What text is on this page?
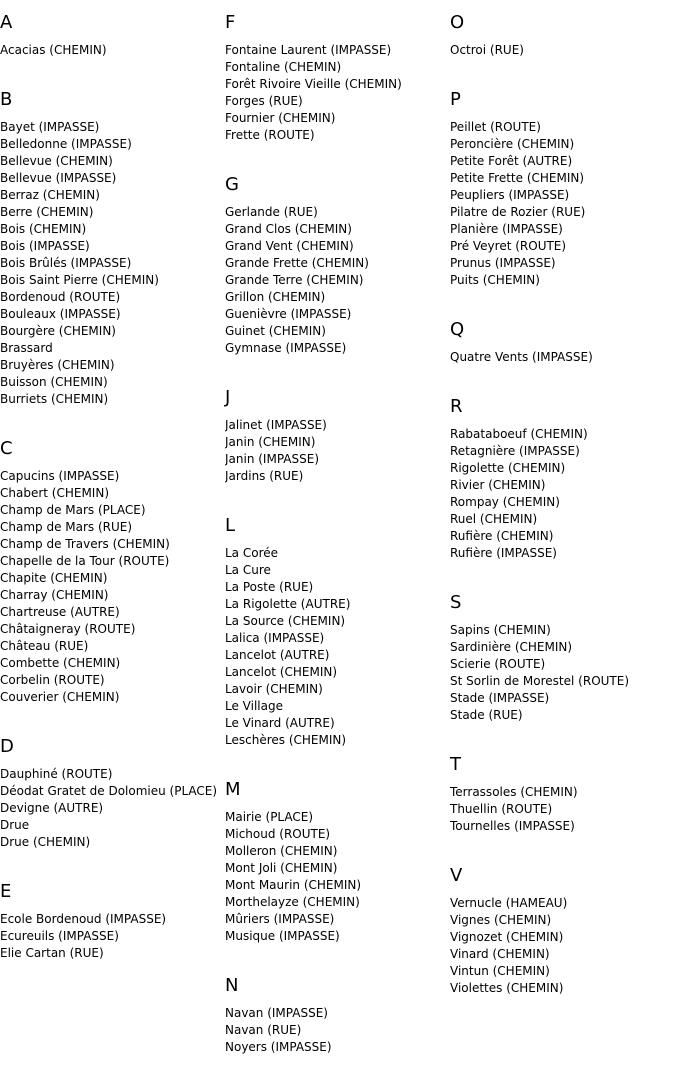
A
Acacias (CHEMIN)
B
Bayet (IMPASSE)
Belledonne (IMPASSE)
Bellevue (CHEMIN)
Bellevue (IMPASSE)
Berraz (CHEMIN)
Berre (CHEMIN)
Bois (CHEMIN)
Bois (IMPASSE)
Bois Brûlés (IMPASSE)
Bois Saint Pierre (CHEMIN)
Bordenoud (ROUTE)
Bouleaux (IMPASSE)
Bourgère (CHEMIN)
Brassard
Bruyères (CHEMIN)
Buisson (CHEMIN)
Burriets (CHEMIN)
C
Capucins (IMPASSE)
Chabert (CHEMIN)
Champ de Mars (PLACE)
Champ de Mars (RUE)
Champ de Travers (CHEMIN)
Chapelle de la Tour (ROUTE)
Chapite (CHEMIN)
Charray (CHEMIN)
Chartreuse (AUTRE)
Châtaigneray (ROUTE)
Château (RUE)
Combette (CHEMIN)
Corbelin (ROUTE)
Couverier (CHEMIN)
D
Dauphiné (ROUTE)
Déodat Gratet de Dolomieu (PLACE)
Devigne (AUTRE)
Drue
Drue (CHEMIN)
E
Ecole Bordenoud (IMPASSE)
Ecureuils (IMPASSE)
Elie Cartan (RUE)
F
Fontaine Laurent (IMPASSE)
Fontaline (CHEMIN)
Forêt Rivoire Vieille (CHEMIN)
Forges (RUE)
Fournier (CHEMIN)
Frette (ROUTE)
G
Gerlande (RUE)
Grand Clos (CHEMIN)
Grand Vent (CHEMIN)
Grande Frette (CHEMIN)
Grande Terre (CHEMIN)
Grillon (CHEMIN)
Guenièvre (IMPASSE)
Guinet (CHEMIN)
Gymnase (IMPASSE)
J
Jalinet (IMPASSE)
Janin (CHEMIN)
Janin (IMPASSE)
Jardins (RUE)
L
La Corée
La Cure
La Poste (RUE)
La Rigolette (AUTRE)
La Source (CHEMIN)
Lalica (IMPASSE)
Lancelot (AUTRE)
Lancelot (CHEMIN)
Lavoir (CHEMIN)
Le Village
Le Vinard (AUTRE)
Leschères (CHEMIN)
M
Mairie (PLACE)
Michoud (ROUTE)
Molleron (CHEMIN)
Mont Joli (CHEMIN)
Mont Maurin (CHEMIN)
Morthelayze (CHEMIN)
Mûriers (IMPASSE)
Musique (IMPASSE)
N
Navan (IMPASSE)
Navan (RUE)
Noyers (IMPASSE)
O
Octroi (RUE)
P
Peillet (ROUTE)
Peroncière (CHEMIN)
Petite Forêt (AUTRE)
Petite Frette (CHEMIN)
Peupliers (IMPASSE)
Pilatre de Rozier (RUE)
Planière (IMPASSE)
Pré Veyret (ROUTE)
Prunus (IMPASSE)
Puits (CHEMIN)
Q
Quatre Vents (IMPASSE)
R
Rabataboeuf (CHEMIN)
Retagnière (IMPASSE)
Rigolette (CHEMIN)
Rivier (CHEMIN)
Rompay (CHEMIN)
Ruel (CHEMIN)
Rufière (CHEMIN)
Rufière (IMPASSE)
S
Sapins (CHEMIN)
Sardinière (CHEMIN)
Scierie (ROUTE)
St Sorlin de Morestel (ROUTE)
Stade (IMPASSE)
Stade (RUE)
T
Terrassoles (CHEMIN)
Thuellin (ROUTE)
Tournelles (IMPASSE)
V
Vernucle (HAMEAU)
Vignes (CHEMIN)
Vignozet (CHEMIN)
Vinard (CHEMIN)
Vintun (CHEMIN)
Violettes (CHEMIN)
